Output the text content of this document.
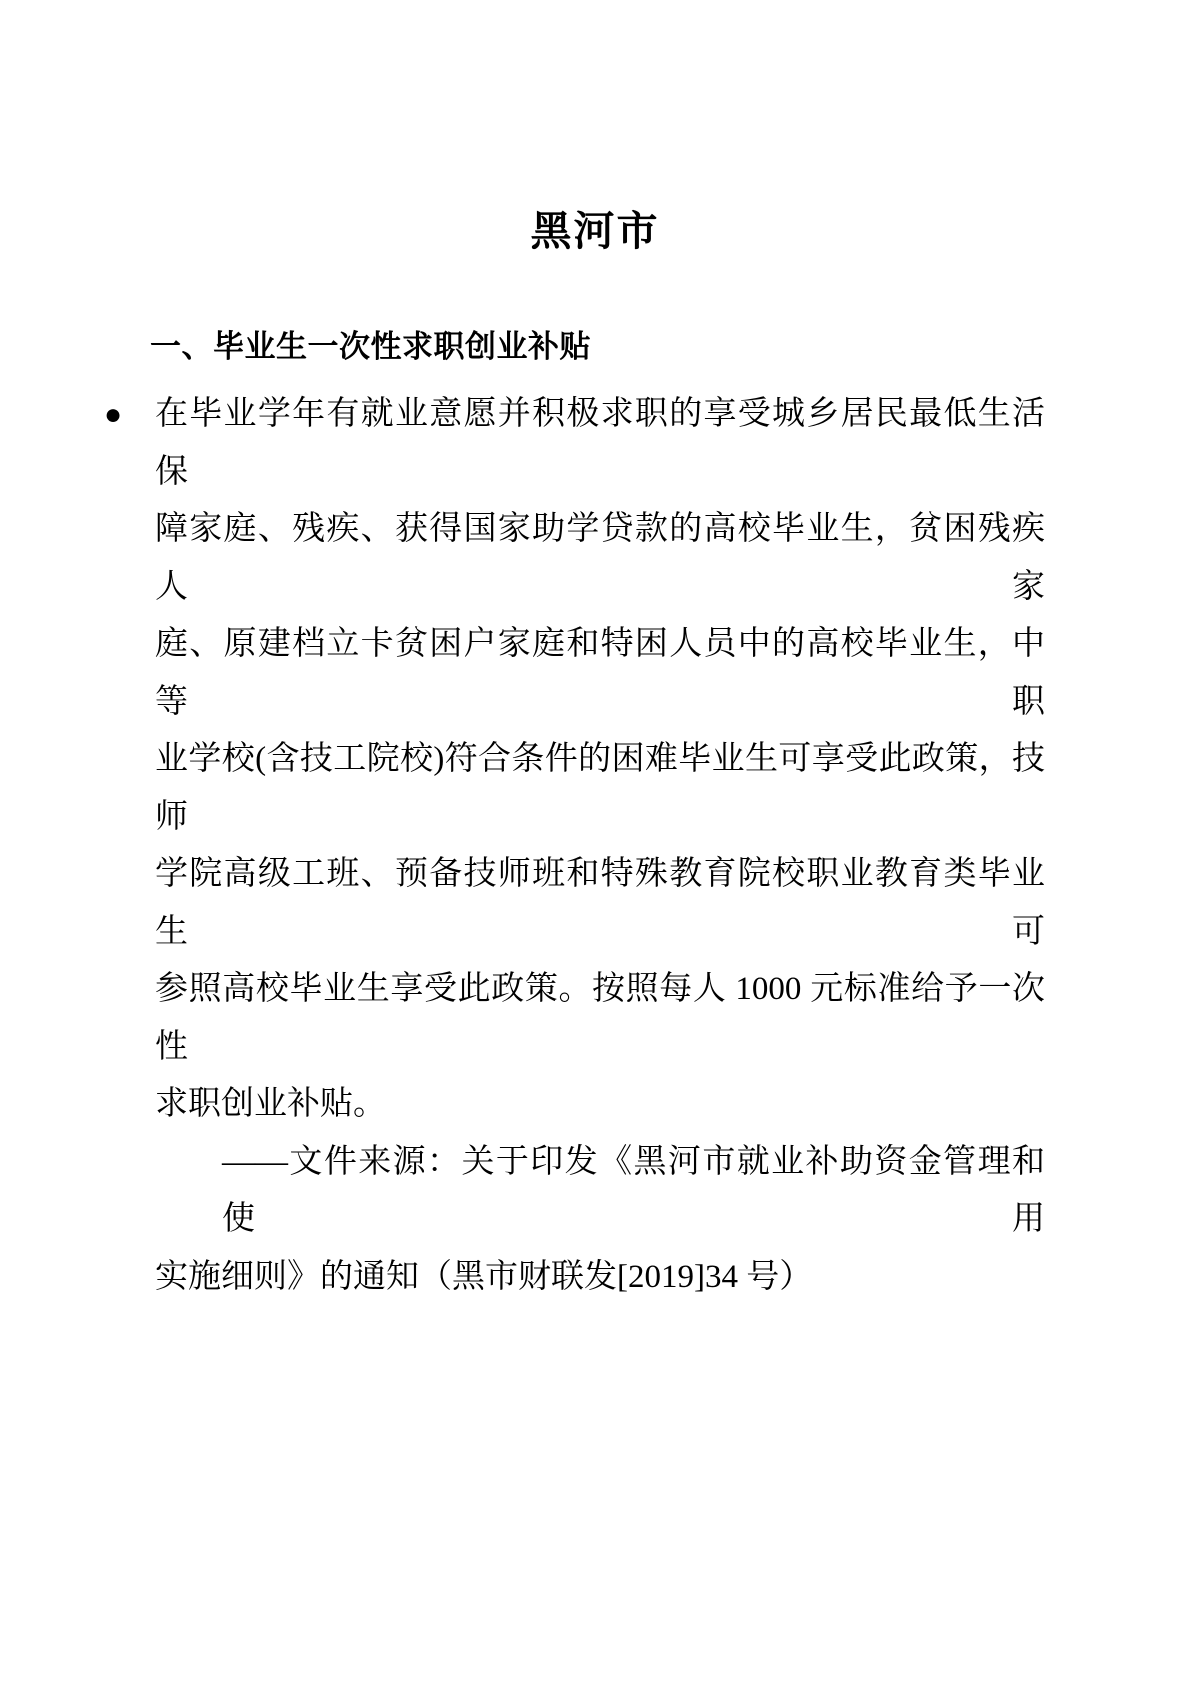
黑河市
一、毕业生一次性求职创业补贴
● 在毕业学年有就业意愿并积极求职的享受城乡居民最低生活保
障家庭、残疾、获得国家助学贷款的高校毕业生，贫困残疾人家
庭、原建档立卡贫困户家庭和特困人员中的高校毕业生，中等职
业学校(含技工院校)符合条件的困难毕业生可享受此政策，技师
学院高级工班、预备技师班和特殊教育院校职业教育类毕业生可
参照高校毕业生享受此政策。按照每人 1000 元标准给予一次性
求职创业补贴。
——文件来源：关于印发《黑河市就业补助资金管理和使用
实施细则》的通知（黑市财联发[2019]34 号）
